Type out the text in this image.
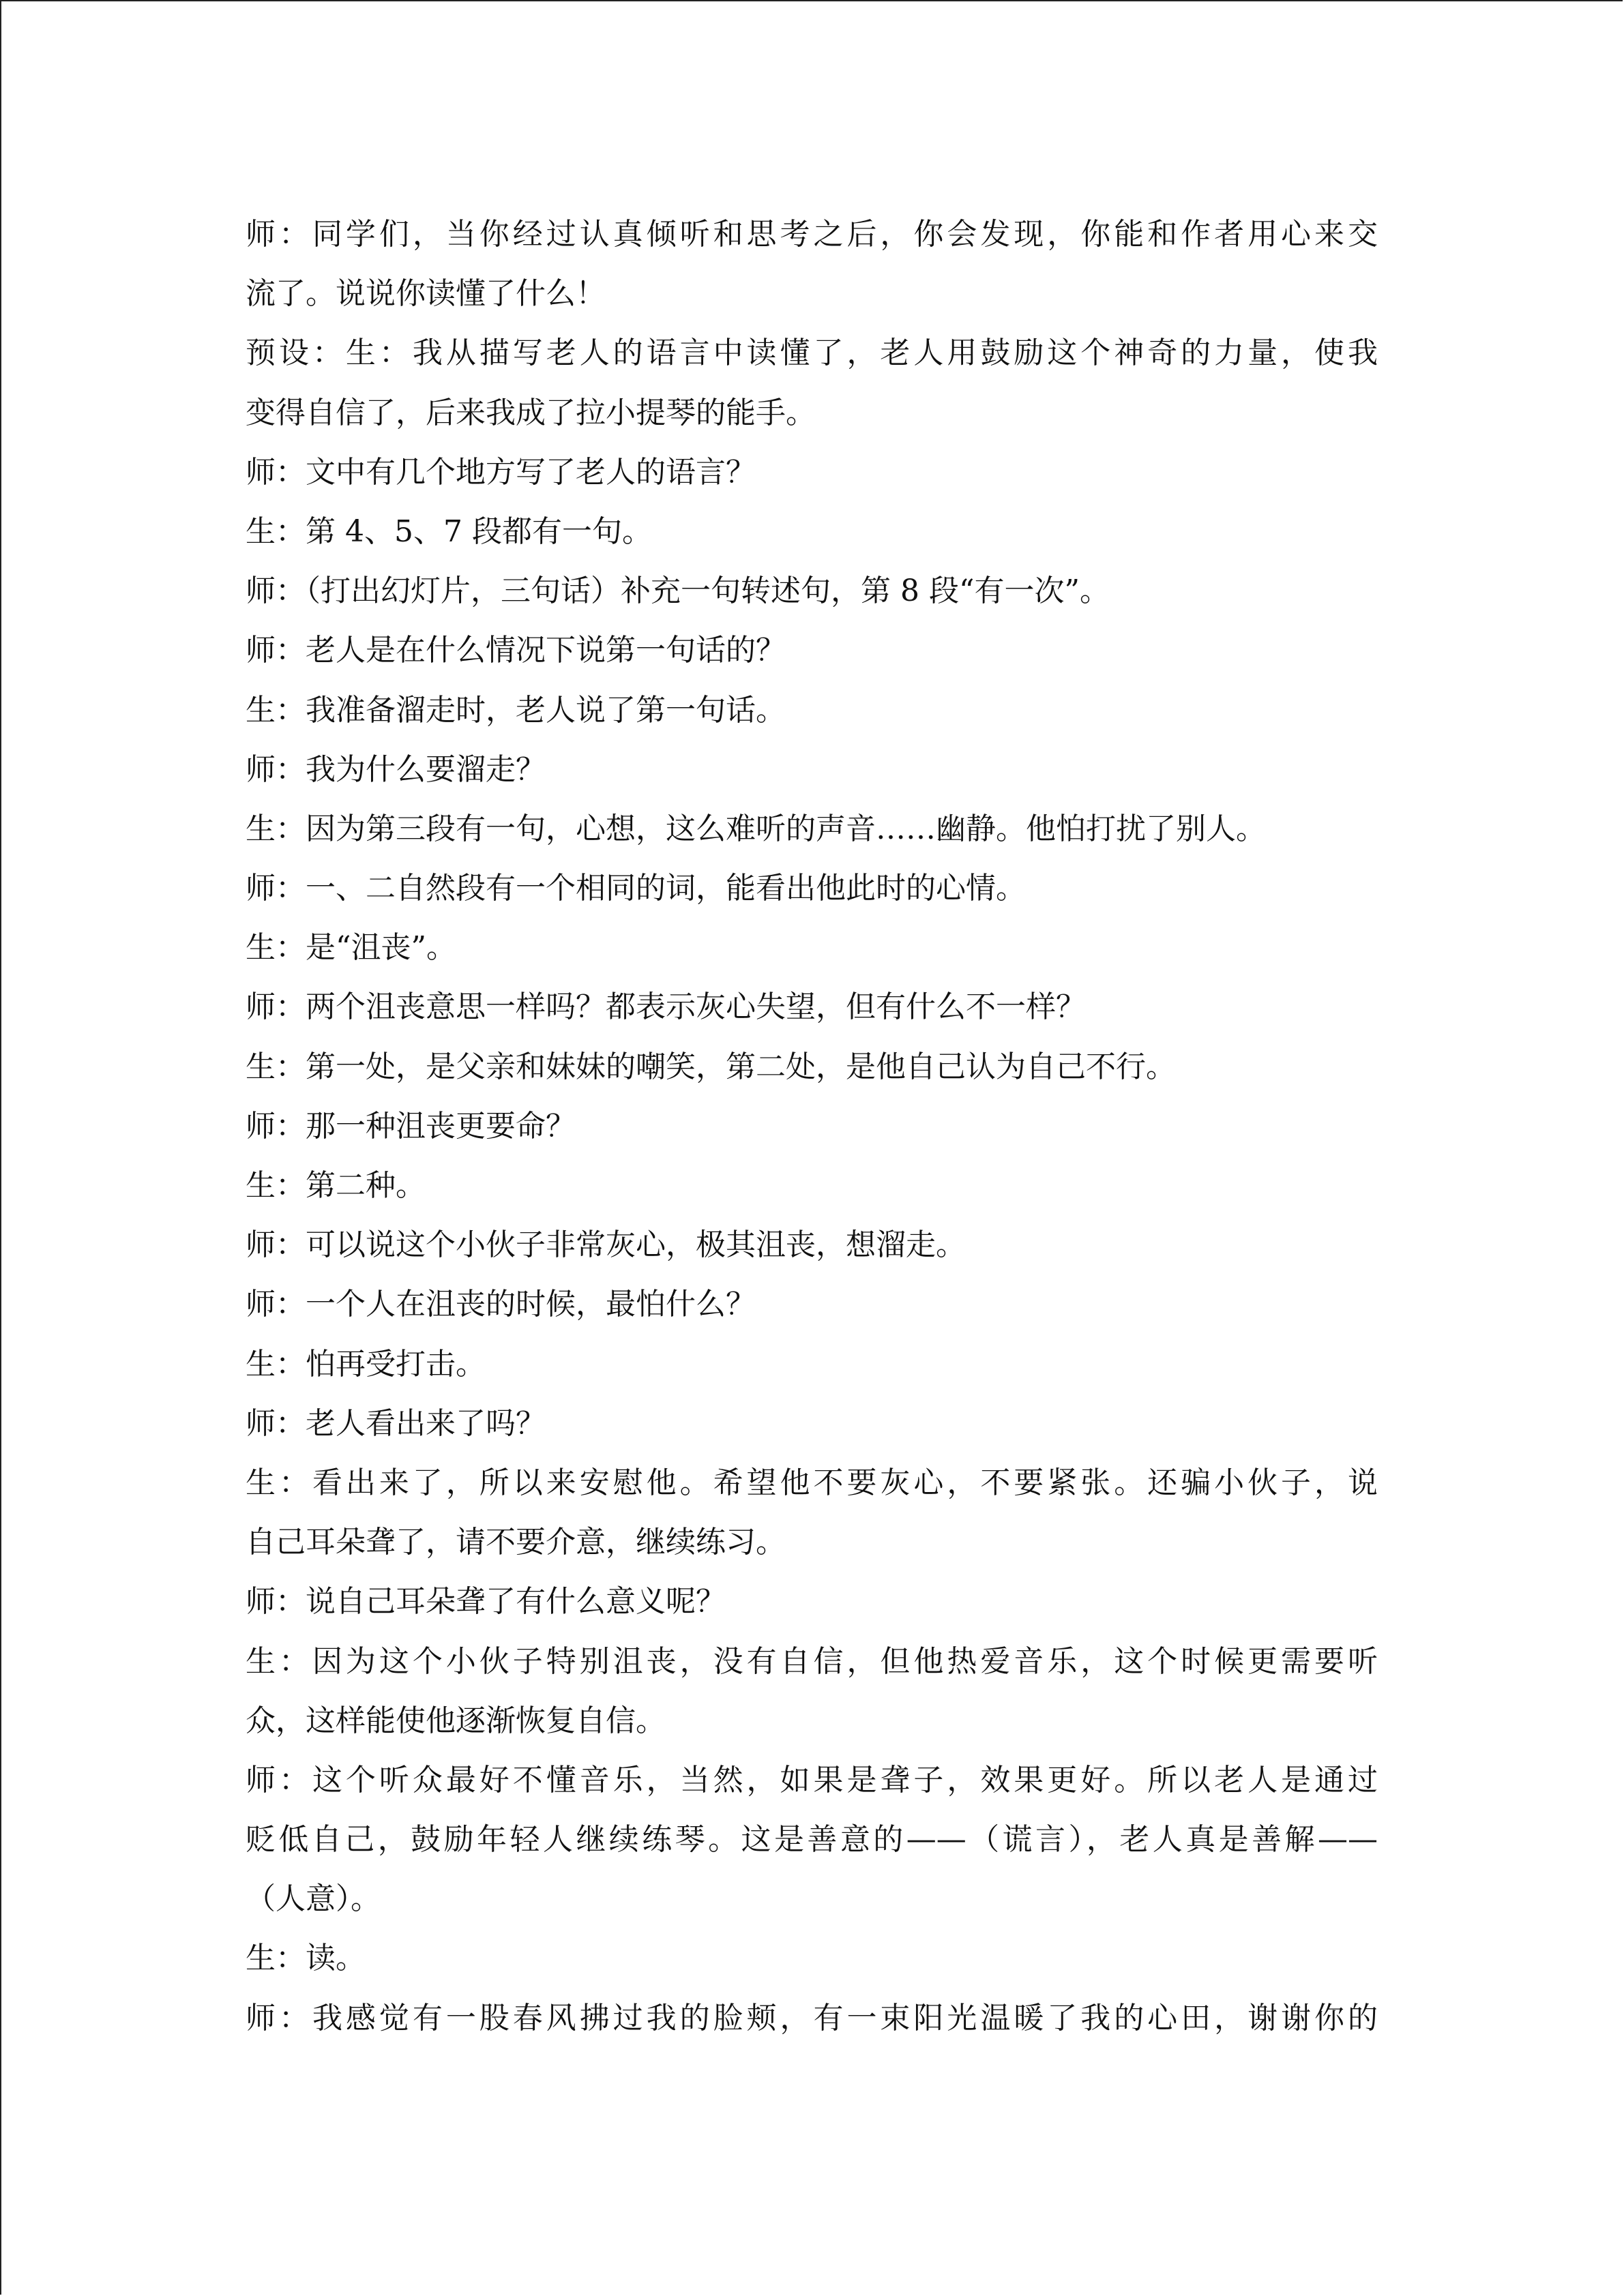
师：同学们，当你经过认真倾听和思考之后，你会发现，你能和作者用心来交
流了。说说你读懂了什么！
预设：生：我从描写老人的语言中读懂了，老人用鼓励这个神奇的力量，使我
变得自信了，后来我成了拉小提琴的能手。
师：文中有几个地方写了老人的语言？
生：第 4、5、7 段都有一句。
师：（打出幻灯片，三句话）补充一句转述句，第 8 段“有一次”。
师：老人是在什么情况下说第一句话的？
生：我准备溜走时，老人说了第一句话。
师：我为什么要溜走？
生：因为第三段有一句，心想，这么难听的声音……幽静。他怕打扰了别人。
师：一、二自然段有一个相同的词，能看出他此时的心情。
生：是“沮丧”。
师：两个沮丧意思一样吗？都表示灰心失望，但有什么不一样？
生：第一处，是父亲和妹妹的嘲笑，第二处，是他自己认为自己不行。
师：那一种沮丧更要命？
生：第二种。
师：可以说这个小伙子非常灰心，极其沮丧，想溜走。
师：一个人在沮丧的时候，最怕什么？
生：怕再受打击。
师：老人看出来了吗？
生：看出来了，所以来安慰他。希望他不要灰心，不要紧张。还骗小伙子，说
自己耳朵聋了，请不要介意，继续练习。
师：说自己耳朵聋了有什么意义呢？
生：因为这个小伙子特别沮丧，没有自信，但他热爱音乐，这个时候更需要听
众，这样能使他逐渐恢复自信。
师：这个听众最好不懂音乐，当然，如果是聋子，效果更好。所以老人是通过
贬低自己，鼓励年轻人继续练琴。这是善意的——（谎言），老人真是善解——
（人意）。
生：读。
师：我感觉有一股春风拂过我的脸颊，有一束阳光温暖了我的心田，谢谢你的
